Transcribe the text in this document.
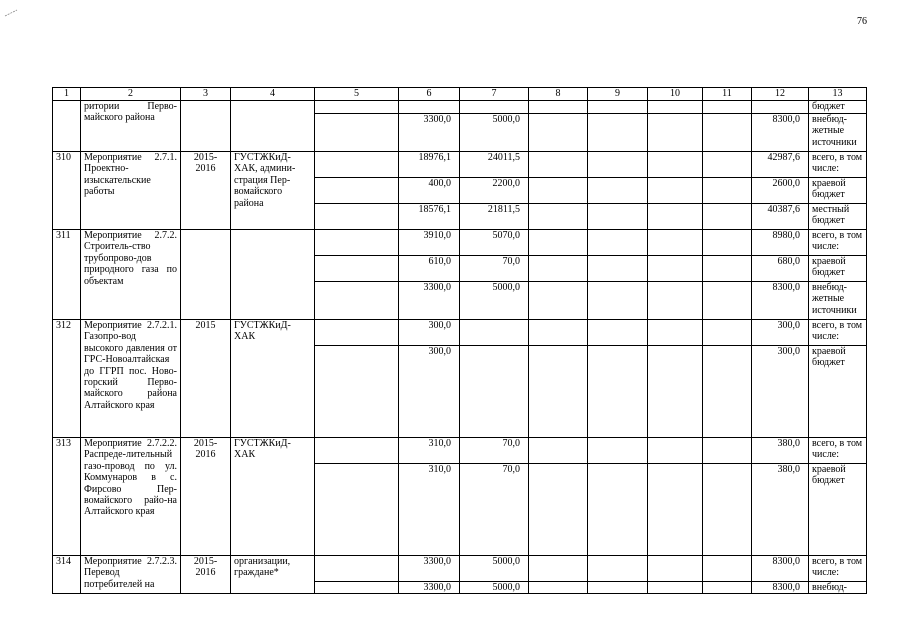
76
1	2	3	4	5	6	7	8	9	10	11	12	13
	ритории Перво-майского района											бюджет
					3300,0	5000,0					8300,0	внебюд-жетные источники
310	Мероприятие 2.7.1. Проектно-изыскательские работы	2015-2016	ГУСТЖКиД-ХАК, админи-страция Пер-вомайского района		18976,1	24011,5					42987,6	всего, в том числе:
					400,0	2200,0					2600,0	краевой бюджет
					18576,1	21811,5					40387,6	местный бюджет
311	Мероприятие 2.7.2. Строитель-ство трубопрово-дов природного газа по объектам				3910,0	5070,0					8980,0	всего, в том числе:
					610,0	70,0					680,0	краевой бюджет
					3300,0	5000,0					8300,0	внебюд-жетные источники
312	Мероприятие 2.7.2.1. Газопро-вод высокого давления от ГРС-Новоалтайская до ГГРП пос. Ново-горский Перво-майского района Алтайского края	2015	ГУСТЖКиД-ХАК		300,0						300,0	всего, в том числе:
					300,0						300,0	краевой бюджет
313	Мероприятие 2.7.2.2. Распреде-лительный газо-провод по ул. Коммунаров в с. Фирсово Пер-вомайского райо-на Алтайского края	2015-2016	ГУСТЖКиД-ХАК		310,0	70,0					380,0	всего, в том числе:
					310,0	70,0					380,0	краевой бюджет
314	Мероприятие 2.7.2.3. Перевод потребителей на	2015-2016	организации, граждане*		3300,0	5000,0					8300,0	всего, в том числе:
					3300,0	5000,0					8300,0	внебюд-
